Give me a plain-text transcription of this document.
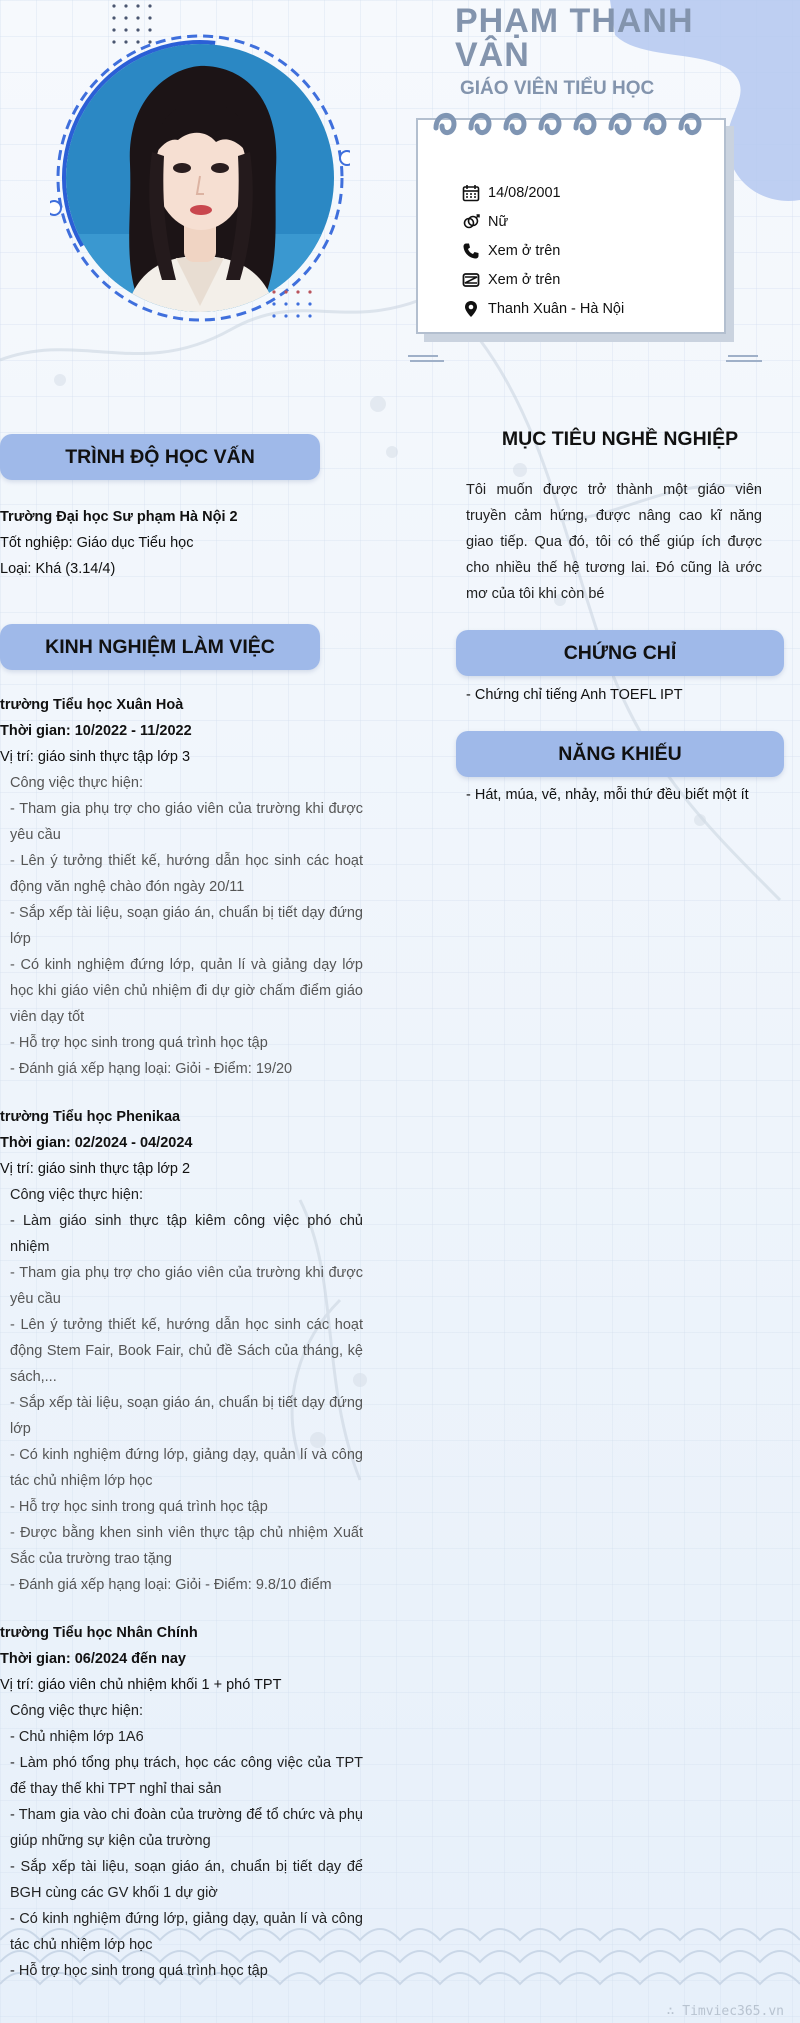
PHẠM THANH VÂN
GIÁO VIÊN TIỂU HỌC
14/08/2001
Nữ
Xem ở trên
Xem ở trên
Thanh Xuân - Hà Nội
TRÌNH ĐỘ HỌC VẤN

Trường Đại học Sư phạm Hà Nội 2

Tốt nghiệp: Giáo dục Tiểu học

Loại: Khá (3.14/4)

KINH NGHIỆM LÀM VIỆC

trường Tiểu học Xuân Hoà

Thời gian: 10/2022 - 11/2022

Vị trí: giáo sinh thực tập lớp 3

Công việc thực hiện:

- Tham gia phụ trợ cho giáo viên của trường khi được yêu cầu

- Lên ý tưởng thiết kế, hướng dẫn học sinh các hoạt động văn nghệ chào đón ngày 20/11

- Sắp xếp tài liệu, soạn giáo án, chuẩn bị tiết dạy đứng lớp

- Có kinh nghiệm đứng lớp, quản lí và giảng dạy lớp học khi giáo viên chủ nhiệm đi dự giờ chấm điểm giáo viên dạy tốt

- Hỗ trợ học sinh trong quá trình học tập

- Đánh giá xếp hạng loại: Giỏi - Điểm: 19/20

trường Tiểu học Phenikaa

Thời gian: 02/2024 - 04/2024

Vị trí: giáo sinh thực tập lớp 2

Công việc thực hiện:

- Làm giáo sinh thực tập kiêm công việc phó chủ nhiệm

- Tham gia phụ trợ cho giáo viên của trường khi được yêu cầu

- Lên ý tưởng thiết kế, hướng dẫn học sinh các hoạt động Stem Fair, Book Fair, chủ đề Sách của tháng, kệ sách,...

- Sắp xếp tài liệu, soạn giáo án, chuẩn bị tiết dạy đứng lớp

- Có kinh nghiệm đứng lớp, giảng dạy, quản lí và công tác chủ nhiệm lớp học

- Hỗ trợ học sinh trong quá trình học tập

- Được bằng khen sinh viên thực tập chủ nhiệm Xuất Sắc của trường trao tặng

- Đánh giá xếp hạng loại: Giỏi - Điểm: 9.8/10 điểm

trường Tiểu học Nhân Chính

Thời gian: 06/2024 đến nay

Vị trí: giáo viên chủ nhiệm khối 1 + phó TPT

Công việc thực hiện:

- Chủ nhiệm lớp 1A6

- Làm phó tổng phụ trách, học các công việc của TPT để thay thế khi TPT nghỉ thai sản

- Tham gia vào chi đoàn của trường để tổ chức và phụ giúp những sự kiện của trường

- Sắp xếp tài liệu, soạn giáo án, chuẩn bị tiết dạy để BGH cùng các GV khối 1 dự giờ

- Có kinh nghiệm đứng lớp, giảng dạy, quản lí và công tác chủ nhiệm lớp học

- Hỗ trợ học sinh trong quá trình học tập

MỤC TIÊU NGHỀ NGHIỆP
Tôi muốn được trở thành một giáo viên truyền cảm hứng, được nâng cao kĩ năng giao tiếp. Qua đó, tôi có thể giúp ích được cho nhiều thế hệ tương lai. Đó cũng là ước mơ của tôi khi còn bé
CHỨNG CHỈ

- Chứng chỉ tiếng Anh TOEFL IPT

NĂNG KHIẾU

- Hát, múa, vẽ, nhảy, mỗi thứ đều biết một ít

∴ Timviec365.vn
